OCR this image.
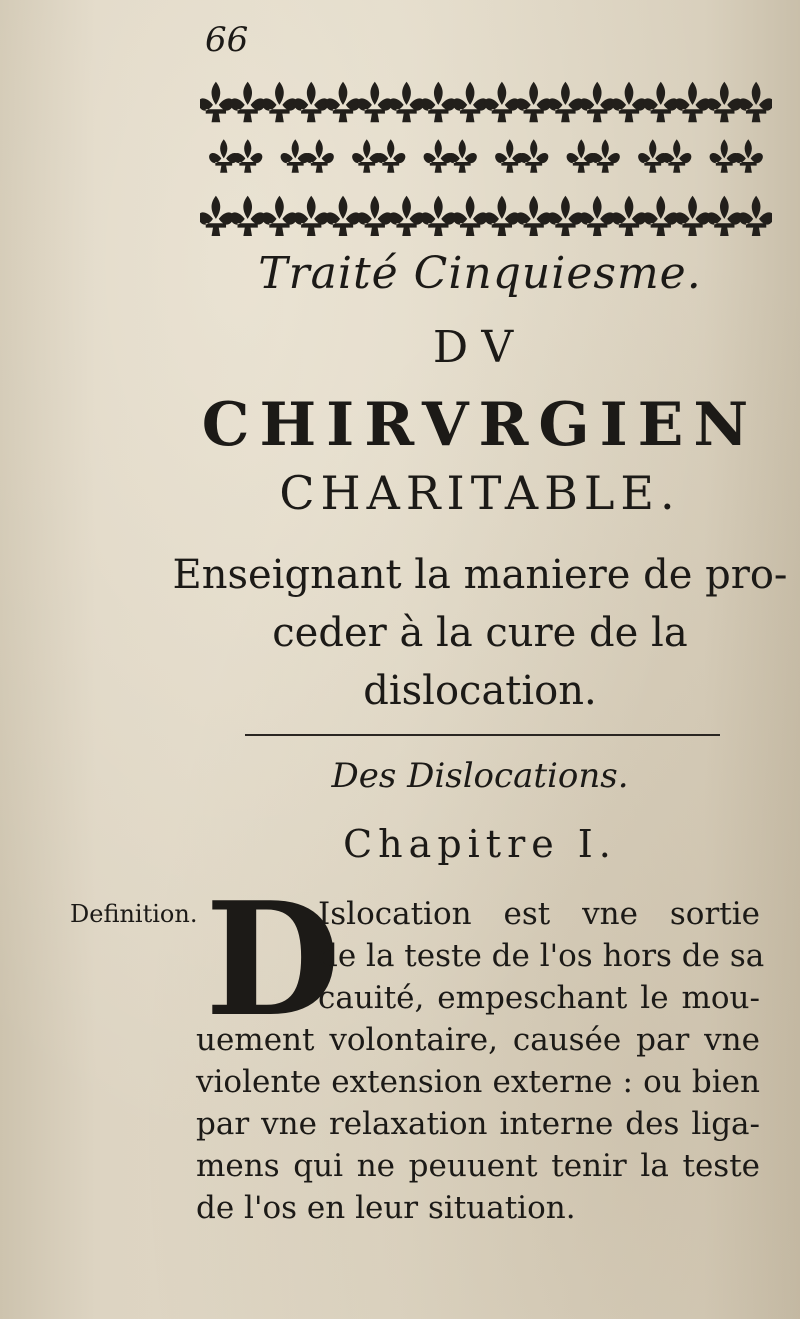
66
Traité Cinquiesme.
DV
CHIRVRGIEN
CHARITABLE.
Enseignant la maniere de pro-
ceder à la cure de la
dislocation.
Des Dislocations.
Chapitre I.
Definition. D
Islocation est vne sortie
de la teste de l'os hors de sa
cauité, empeschant le mou-
uement volontaire, causée par vne
violente extension externe : ou bien
par vne relaxation interne des liga-
mens qui ne peuuent tenir la teste
de l'os en leur situation.
